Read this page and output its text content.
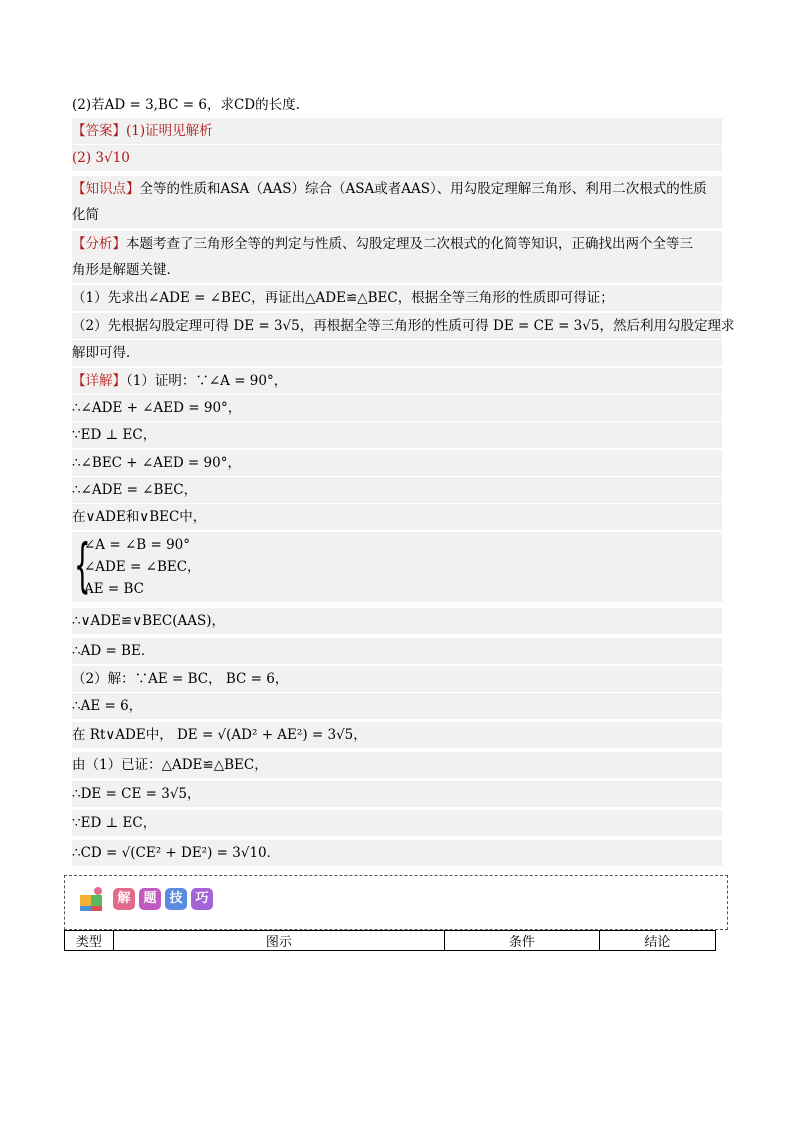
(2)若AD = 3,BC = 6，求CD的长度.
【答案】(1)证明见解析
(2) 3√10
【知识点】全等的性质和ASA（AAS）综合（ASA或者AAS）、用勾股定理解三角形、利用二次根式的性质
化简
【分析】本题考查了三角形全等的判定与性质、勾股定理及二次根式的化简等知识，正确找出两个全等三
角形是解题关键．
（1）先求出∠ADE = ∠BEC，再证出△ADE≌△BEC，根据全等三角形的性质即可得证；
（2）先根据勾股定理可得 DE = 3√5，再根据全等三角形的性质可得 DE = CE = 3√5，然后利用勾股定理求
解即可得．
【详解】（1）证明：∵∠A = 90°，
∴∠ADE + ∠AED = 90°，
∵ED ⊥ EC，
∴∠BEC + ∠AED = 90°，
∴∠ADE = ∠BEC，
在∨ADE和∨BEC中，
{
∠A = ∠B = 90°
∠ADE = ∠BEC，
AE = BC
∴∨ADE≌∨BEC(AAS)，
∴AD = BE．
（2）解：∵AE = BC， BC = 6，
∴AE = 6，
在 Rt∨ADE中， DE = √(AD² + AE²) = 3√5，
由（1）已证：△ADE≌△BEC，
∴DE = CE = 3√5，
∵ED ⊥ EC，
∴CD = √(CE² + DE²) = 3√10．
解 题 技 巧
类型	图示	条件	结论
